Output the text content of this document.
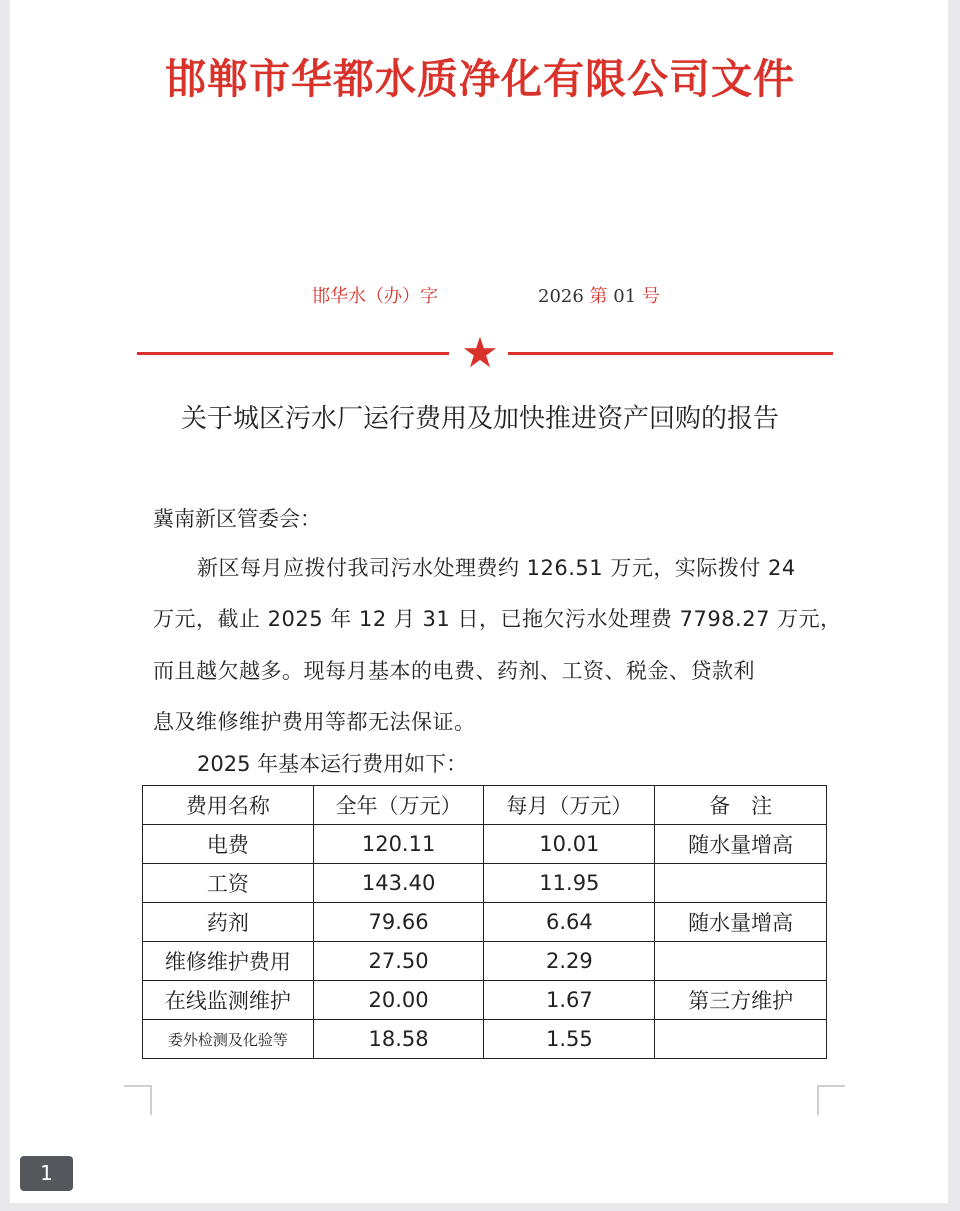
邯郸市华都水质净化有限公司文件
邯华水（办）字	2026 第 01 号
★
关于城区污水厂运行费用及加快推进资产回购的报告
冀南新区管委会：
新区每月应拨付我司污水处理费约 126.51 万元，实际拨付 24
万元，截止 2025 年 12 月 31 日，已拖欠污水处理费 7798.27 万元，
而且越欠越多。现每月基本的电费、药剂、工资、税金、贷款利
息及维修维护费用等都无法保证。
2025 年基本运行费用如下：
费用名称	全年（万元）	每月（万元）	备　注
电费	120.11	10.01	随水量增高
工资	143.40	11.95	
药剂	79.66	6.64	随水量增高
维修维护费用	27.50	2.29	
在线监测维护	20.00	1.67	第三方维护
委外检测及化验等	18.58	1.55	
1
